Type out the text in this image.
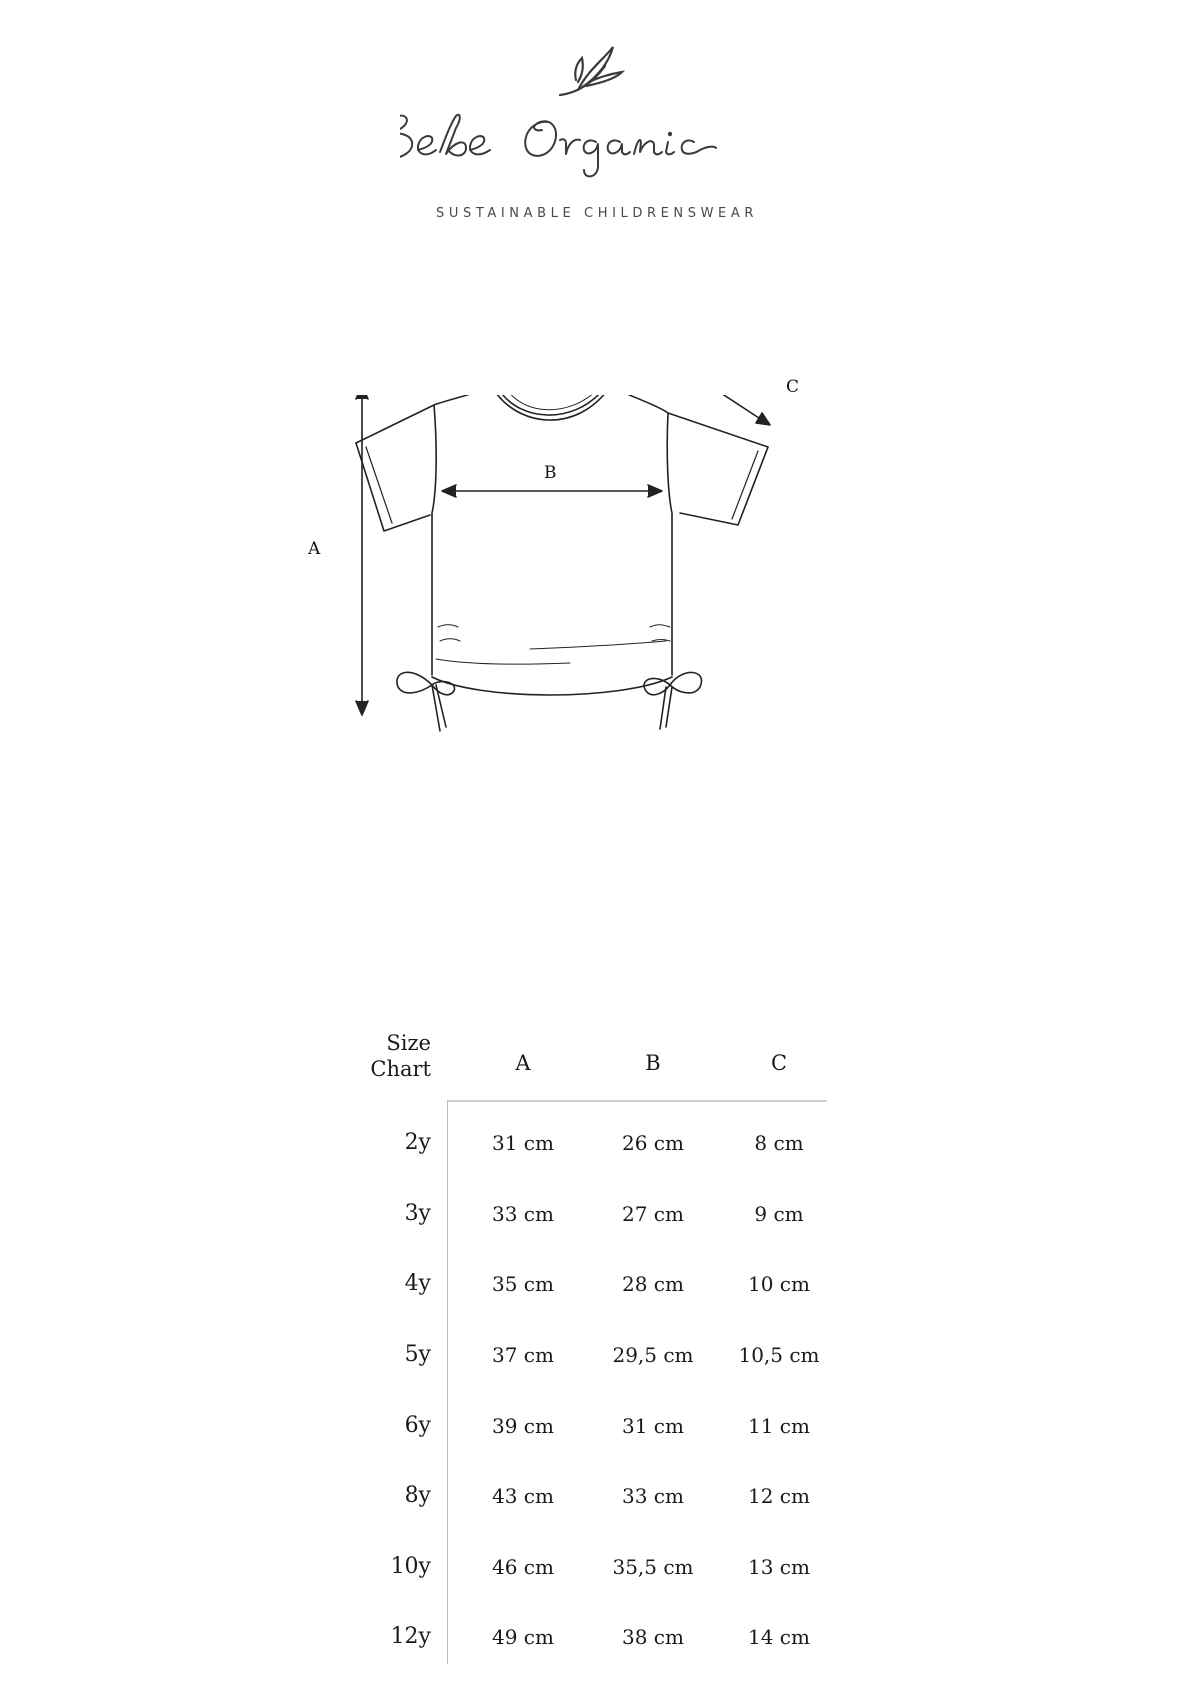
SUSTAINABLE CHILDRENSWEAR
A
B
C
Size
Chart	A	B	C
2y	31 cm	26 cm	8 cm
3y	33 cm	27 cm	9 cm
4y	35 cm	28 cm	10 cm
5y	37 cm	29,5 cm	10,5 cm
6y	39 cm	31 cm	11 cm
8y	43 cm	33 cm	12 cm
10y	46 cm	35,5 cm	13 cm
12y	49 cm	38 cm	14 cm
